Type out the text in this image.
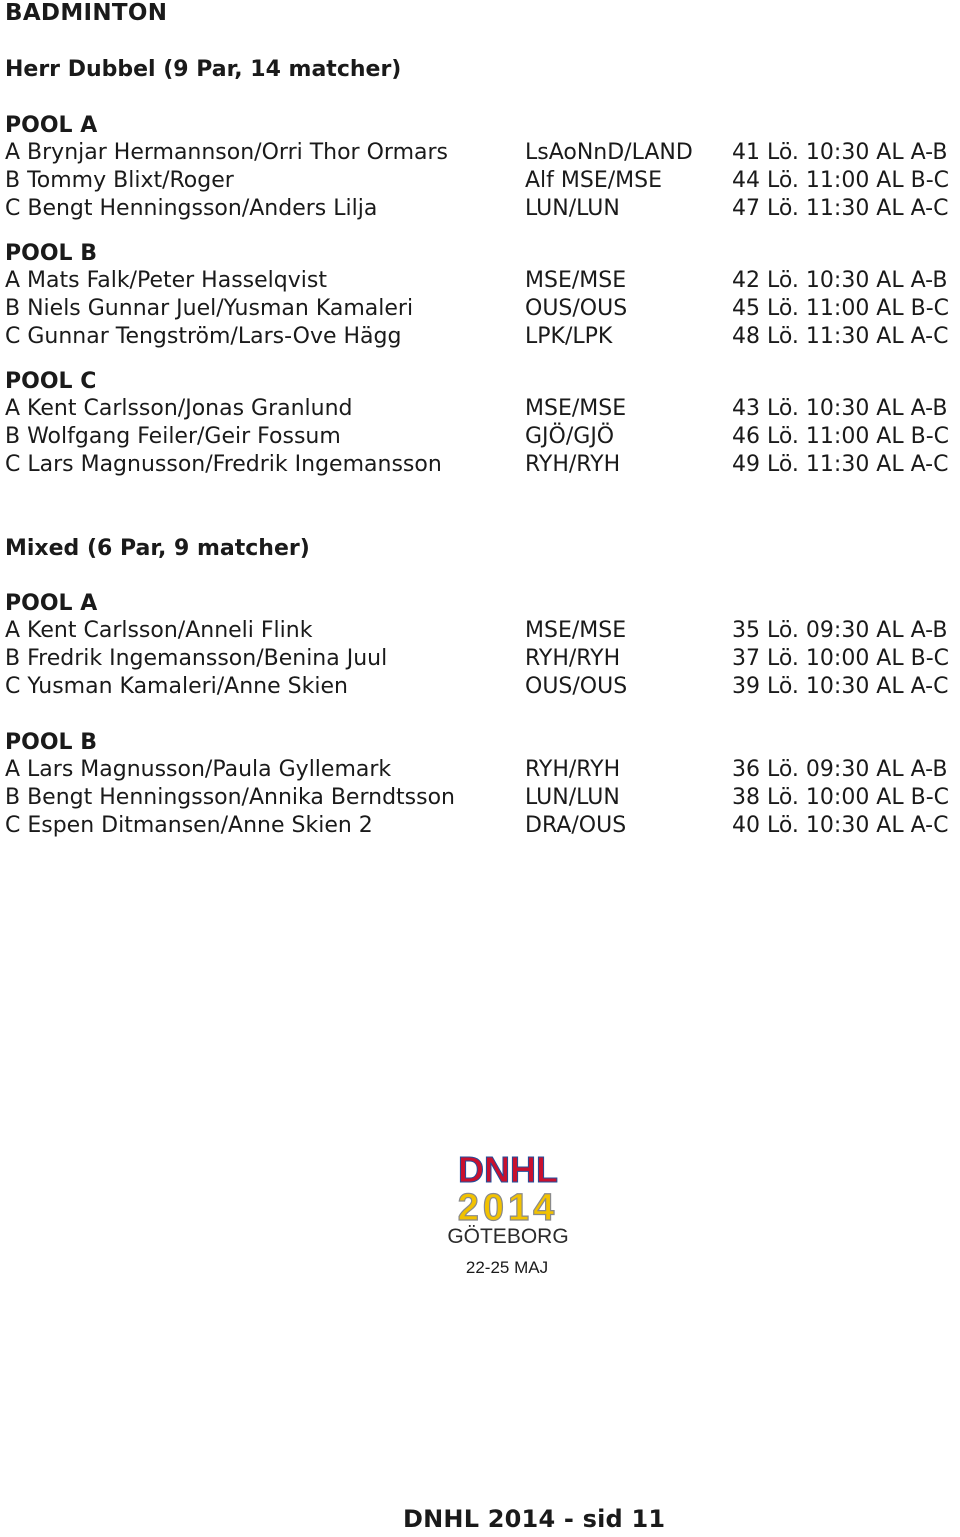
BADMINTON
Herr Dubbel (9 Par, 14 matcher)
POOL A
A Brynjar Hermannson/Orri Thor Ormars	LsAoNnD/LAND 41 Lö. 10:30 AL A-B
B Tommy Blixt/Roger	Alf MSE/MSE	44 Lö. 11:00 AL B-C
C Bengt Henningsson/Anders Lilja	LUN/LUN	47 Lö. 11:30 AL A-C
POOL B
A Mats Falk/Peter Hasselqvist	MSE/MSE	42 Lö. 10:30 AL A-B
B Niels Gunnar Juel/Yusman Kamaleri	OUS/OUS	45 Lö. 11:00 AL B-C
C Gunnar Tengström/Lars-Ove Hägg	LPK/LPK	48 Lö. 11:30 AL A-C
POOL C
A Kent Carlsson/Jonas Granlund	MSE/MSE	43 Lö. 10:30 AL A-B
B Wolfgang Feiler/Geir Fossum	GJÖ/GJÖ	46 Lö. 11:00 AL B-C
C Lars Magnusson/Fredrik Ingemansson	RYH/RYH	49 Lö. 11:30 AL A-C
Mixed (6 Par, 9 matcher)
POOL A
A Kent Carlsson/Anneli Flink	MSE/MSE	35 Lö. 09:30 AL A-B
B Fredrik Ingemansson/Benina Juul	RYH/RYH	37 Lö. 10:00 AL B-C
C Yusman Kamaleri/Anne Skien	OUS/OUS	39 Lö. 10:30 AL A-C
POOL B
A Lars Magnusson/Paula Gyllemark	RYH/RYH	36 Lö. 09:30 AL A-B
B Bengt Henningsson/Annika Berndtsson	LUN/LUN	38 Lö. 10:00 AL B-C
C Espen Ditmansen/Anne Skien 2	DRA/OUS	40 Lö. 10:30 AL A-C
DNHL
2014
GÖTEBORG
22-25 MAJ
DNHL 2014 - sid 11
